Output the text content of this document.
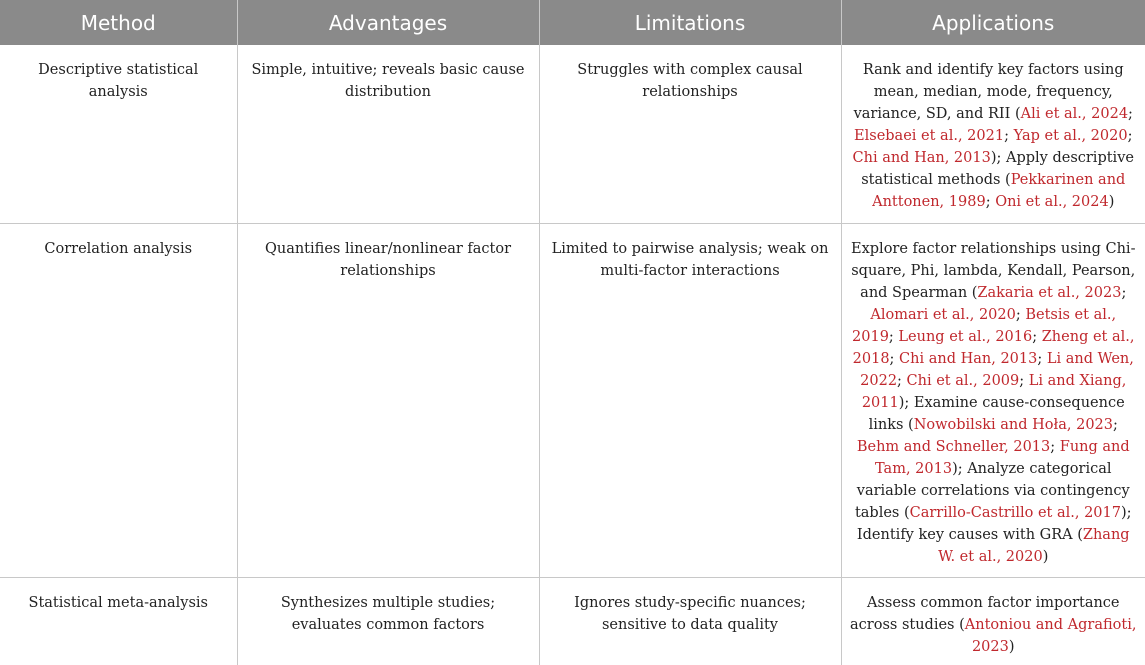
Method	Advantages	Limitations	Applications
Descriptive statistical analysis	Simple, intuitive; reveals basic cause distribution	Struggles with complex causal relationships	Rank and identify key factors using mean, median, mode, frequency, variance, SD, and RII (Ali et al., 2024; Elsebaei et al., 2021; Yap et al., 2020; Chi and Han, 2013); Apply descriptive statistical methods (Pekkarinen and Anttonen, 1989; Oni et al., 2024)
Correlation analysis	Quantifies linear/nonlinear factor relationships	Limited to pairwise analysis; weak on multi-factor interactions	Explore factor relationships using Chi-square, Phi, lambda, Kendall, Pearson, and Spearman (Zakaria et al., 2023; Alomari et al., 2020; Betsis et al., 2019; Leung et al., 2016; Zheng et al., 2018; Chi and Han, 2013; Li and Wen, 2022; Chi et al., 2009; Li and Xiang, 2011); Examine cause-consequence links (Nowobilski and Hoła, 2023; Behm and Schneller, 2013; Fung and Tam, 2013); Analyze categorical variable correlations via contingency tables (Carrillo-Castrillo et al., 2017); Identify key causes with GRA (Zhang W. et al., 2020)
Statistical meta-analysis	Synthesizes multiple studies; evaluates common factors	Ignores study-specific nuances; sensitive to data quality	Assess common factor importance across studies (Antoniou and Agrafioti, 2023)
